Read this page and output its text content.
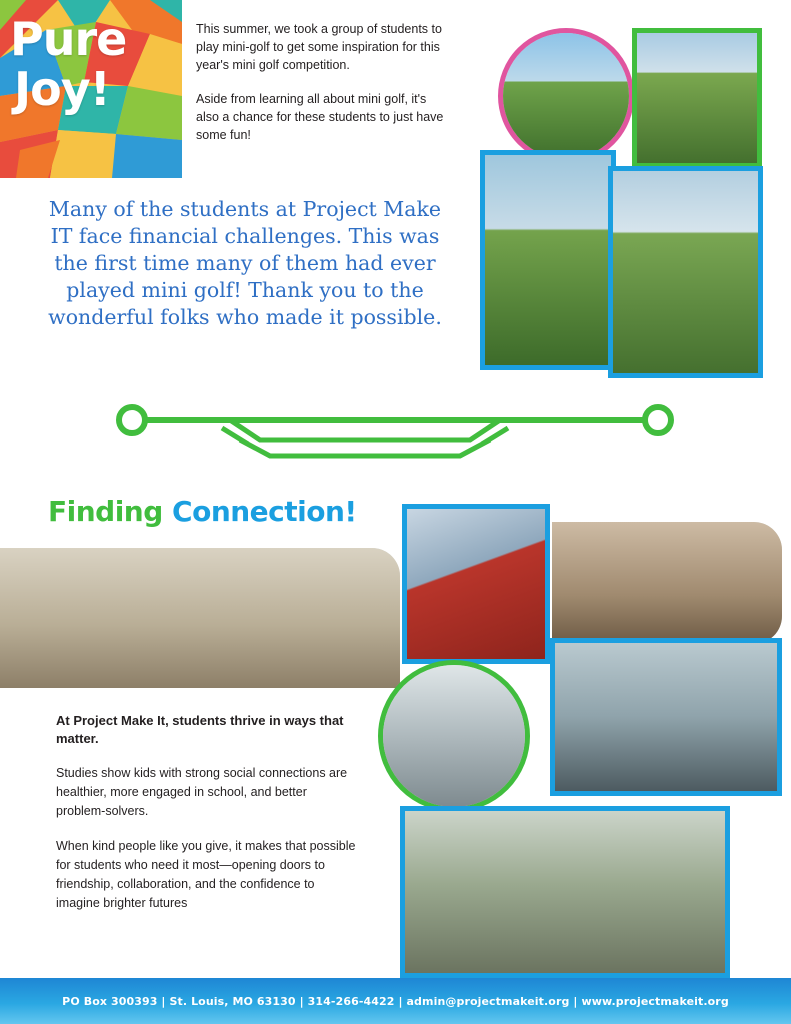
Pure
Joy!

This summer, we took a group of students to play mini-golf to get some inspiration for this year's mini golf competition.

Aside from learning all about mini golf, it's also a chance for these students to just have some fun!

Many of the students at Project Make IT face financial challenges. This was the first time many of them had ever played mini golf! Thank you to the wonderful folks who made it possible.
Finding Connection!

At Project Make It, students thrive in ways that matter.

Studies show kids with strong social connections are healthier, more engaged in school, and better problem-solvers.

When kind people like you give, it makes that possible for students who need it most—opening doors to friendship, collaboration, and the confidence to imagine brighter futures

PO Box 300393 | St. Louis, MO 63130 | 314-266-4422 | admin@projectmakeit.org | www.projectmakeit.org
